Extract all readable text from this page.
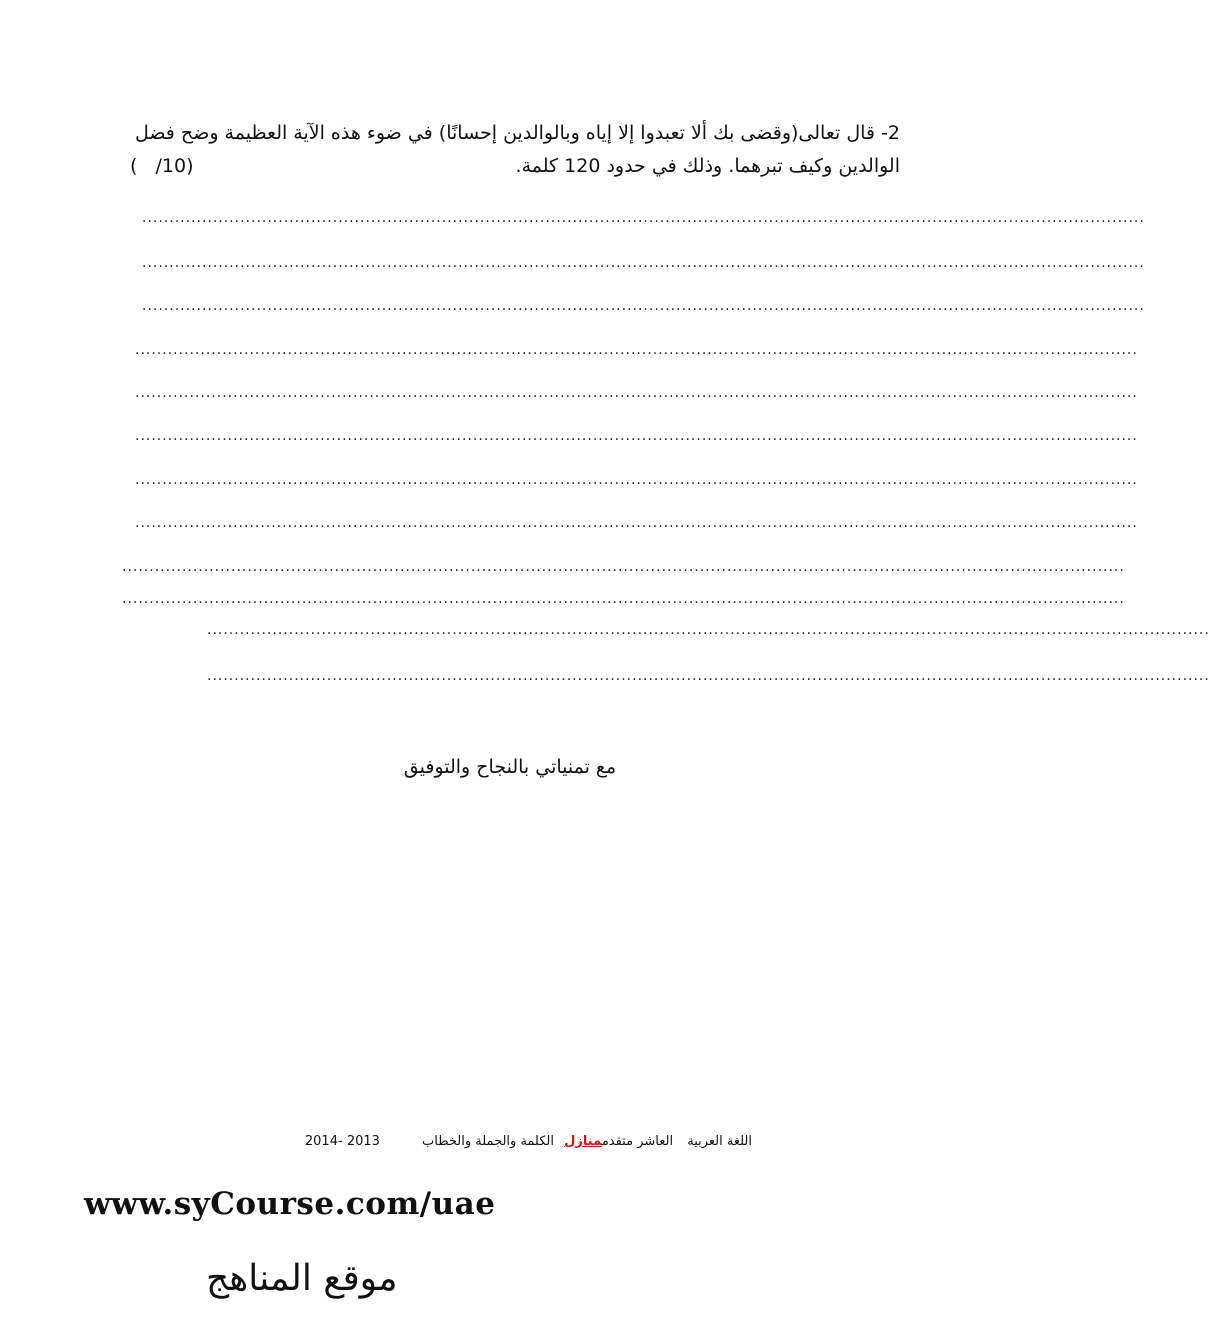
2- قال تعالى(وقضى بك ألا تعبدوا إلا إياه وبالوالدين إحسانًا) في ضوء هذه الآية العظيمة وضح فضل
الوالدين وكيف تبرهما. وذلك في حدود 120 كلمة.
(   /10)
........................................................................................................................................................................................
........................................................................................................................................................................................
........................................................................................................................................................................................
........................................................................................................................................................................................
........................................................................................................................................................................................
........................................................................................................................................................................................
........................................................................................................................................................................................
........................................................................................................................................................................................
........................................................................................................................................................................................
........................................................................................................................................................................................
........................................................................................................................................................................................
........................................................................................................................................................................................
مع تمنياتي بالنجاح والتوفيق
اللغة العربية العاشر متقدممنازل الكلمة والجملة والخطاب 2013 -2014
www.syCourse.com/uae
موقع المناهج
